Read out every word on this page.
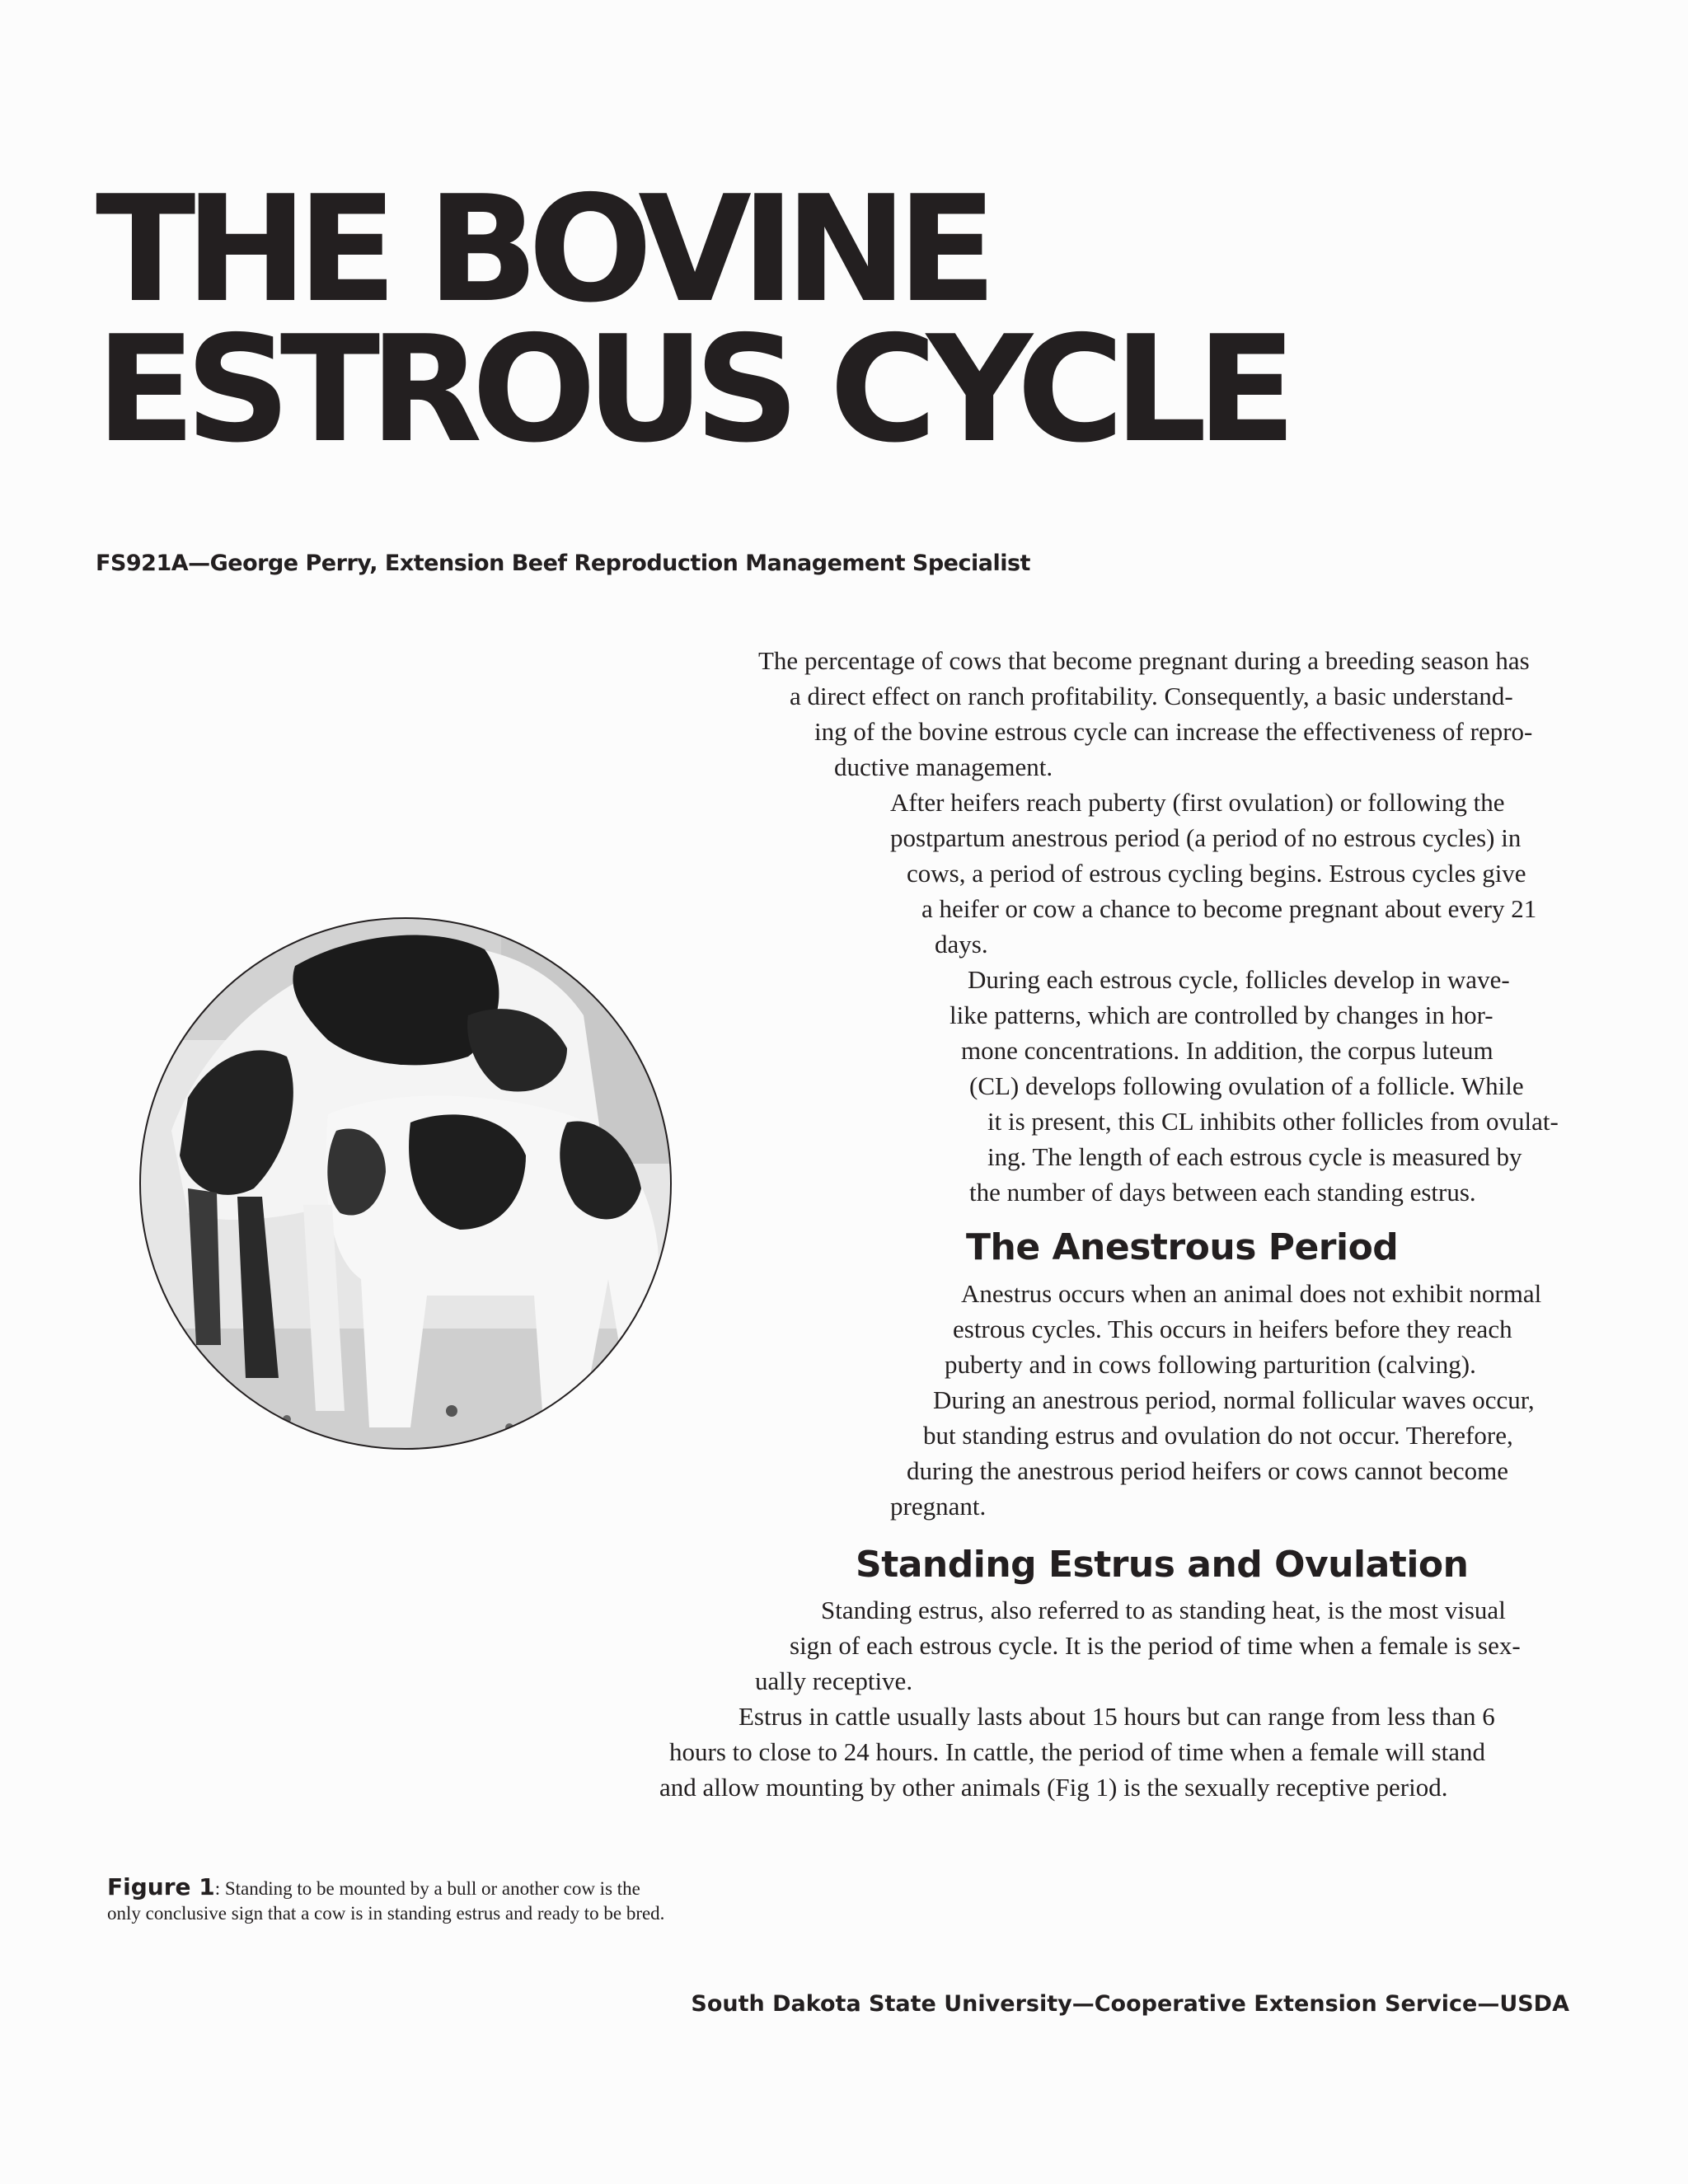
THE BOVINE
ESTROUS CYCLE
FS921A—George Perry, Extension Beef Reproduction Management Specialist
The percentage of cows that become pregnant during a breeding season has
a direct effect on ranch profitability. Consequently, a basic understand-
ing of the bovine estrous cycle can increase the effectiveness of repro-
ductive management.
After heifers reach puberty (first ovulation) or following the
postpartum anestrous period (a period of no estrous cycles) in
cows, a period of estrous cycling begins. Estrous cycles give
a heifer or cow a chance to become pregnant about every 21
days.
During each estrous cycle, follicles develop in wave-
like patterns, which are controlled by changes in hor-
mone concentrations. In addition, the corpus luteum
(CL) develops following ovulation of a follicle. While
it is present, this CL inhibits other follicles from ovulat-
ing. The length of each estrous cycle is measured by
the number of days between each standing estrus.
The Anestrous Period
Anestrus occurs when an animal does not exhibit normal
estrous cycles. This occurs in heifers before they reach
puberty and in cows following parturition (calving).
During an anestrous period, normal follicular waves occur,
but standing estrus and ovulation do not occur. Therefore,
during the anestrous period heifers or cows cannot become
pregnant.
Standing Estrus and Ovulation
Standing estrus, also referred to as standing heat, is the most visual
sign of each estrous cycle. It is the period of time when a female is sex-
ually receptive.
Estrus in cattle usually lasts about 15 hours but can range from less than 6
hours to close to 24 hours. In cattle, the period of time when a female will stand
and allow mounting by other animals (Fig 1) is the sexually receptive period.
Figure 1: Standing to be mounted by a bull or another cow is the only conclusive sign that a cow is in standing estrus and ready to be bred.
South Dakota State University—Cooperative Extension Service—USDA
